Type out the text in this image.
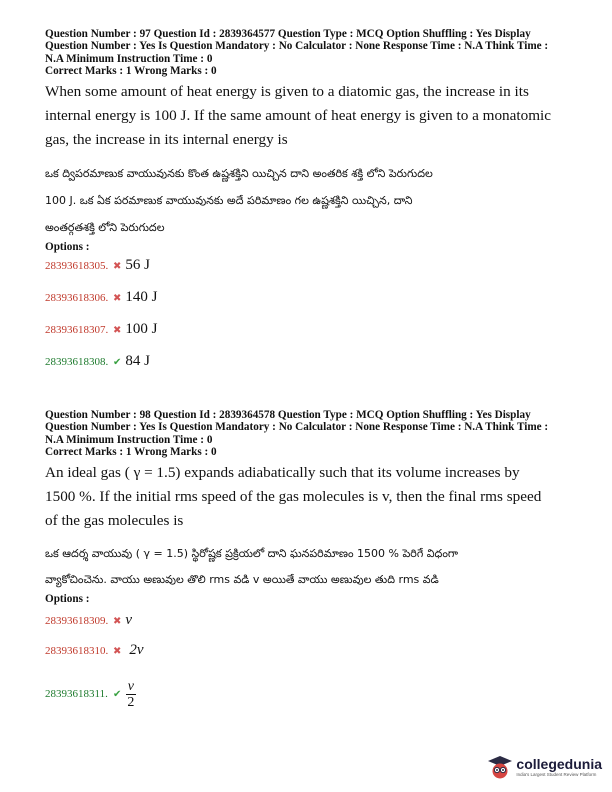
Question Number : 97 Question Id : 2839364577 Question Type : MCQ Option Shuffling : Yes Display
Question Number : Yes Is Question Mandatory : No Calculator : None Response Time : N.A Think Time :
N.A Minimum Instruction Time : 0
Correct Marks : 1 Wrong Marks : 0
When some amount of heat energy is given to a diatomic gas, the increase in its
internal energy is 100 J. If the same amount of heat energy is given to a monatomic
gas, the increase in its internal energy is
ఒక ద్విపరమాణుక వాయువునకు కొంత ఉష్ణశక్తిని యిచ్చిన దాని అంతరిక శక్తి లోని పెరుగుదల
100 J. ఒక ఏక పరమాణుక వాయువునకు అదే పరిమాణం గల ఉష్ణశక్తిని యిచ్చిన, దాని
అంతర్గతశక్తి లోని పెరుగుదల
Options :
28393618305. ✖ 56 J
28393618306. ✖ 140 J
28393618307. ✖ 100 J
28393618308. ✔ 84 J
Question Number : 98 Question Id : 2839364578 Question Type : MCQ Option Shuffling : Yes Display
Question Number : Yes Is Question Mandatory : No Calculator : None Response Time : N.A Think Time :
N.A Minimum Instruction Time : 0
Correct Marks : 1 Wrong Marks : 0
An ideal gas ( γ = 1.5) expands adiabatically such that its volume increases by
1500 %. If the initial rms speed of the gas molecules is v, then the final rms speed
of the gas molecules is
ఒక ఆదర్శ వాయువు ( γ = 1.5) స్థిరోష్ణక ప్రక్రియలో దాని ఘనపరిమాణం 1500 % పెరిగే విధంగా
వ్యాకోచించెను. వాయు అణువుల తొలి rms వడి v అయితే వాయు అణువుల తుది rms వడి
Options :
28393618309. ✖ v
28393618310. ✖ 2v
28393618311. ✔ $\frac{v}{2}$
collegedunia
India's Largest Student Review Platform
